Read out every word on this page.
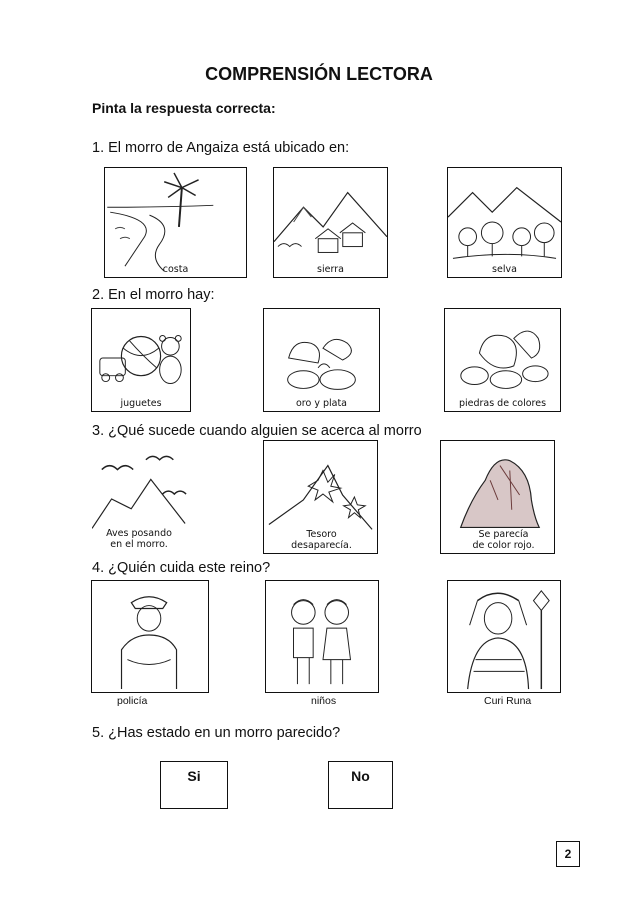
COMPRENSIÓN LECTORA
Pinta la respuesta correcta:
1. El morro de Angaiza está ubicado en:
costa	sierra	selva
2. En el morro hay:
juguetes	oro y plata	piedras de colores
3. ¿Qué sucede cuando alguien se acerca al morro
Aves posando
en el morro.
Tesoro
desaparecía.
Se parecía
de color rojo.
4. ¿Quién cuida este reino?
policía	niños	Curi Runa
5. ¿Has estado en un morro parecido?
Si	No
2
